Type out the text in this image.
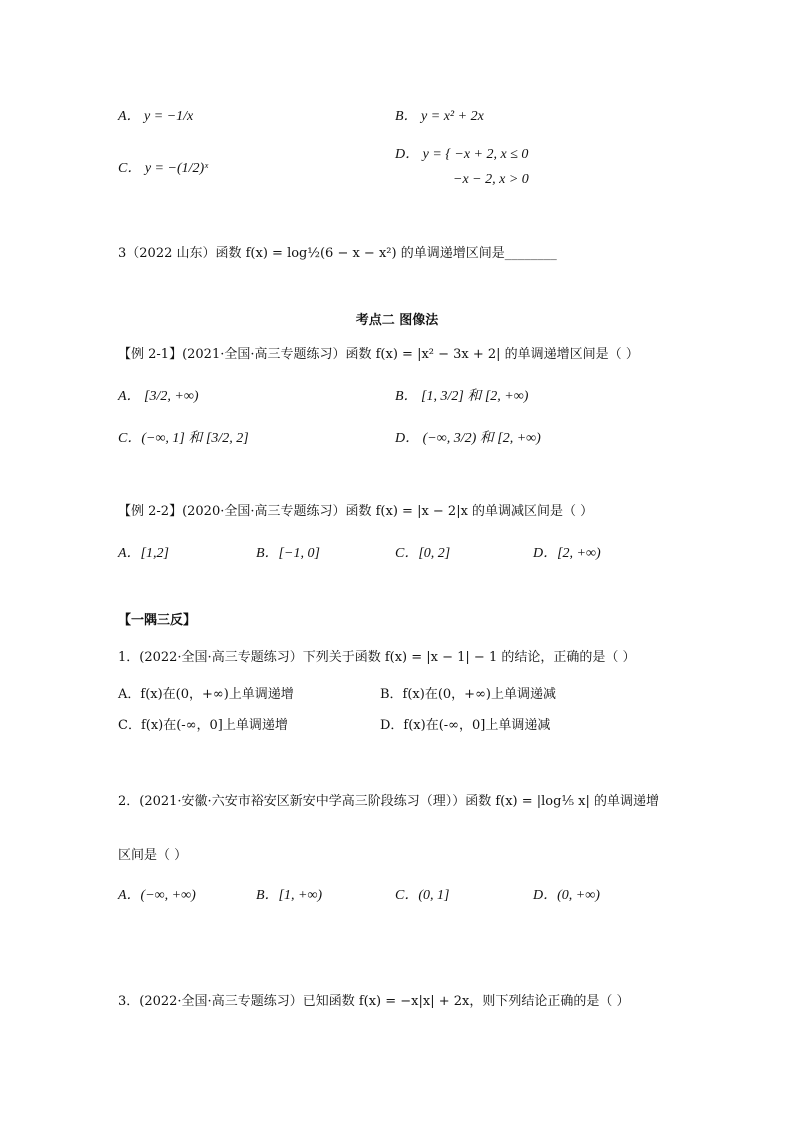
A． y = −1/x	B． y = x² + 2x
C． y = −(1/2)ˣ
D． y = { −x + 2, x ≤ 0
−x − 2, x > 0
3（2022 山东）函数 f(x) = log½(6 − x − x²) 的单调递增区间是________
考点二 图像法
【例 2-1】(2021·全国·高三专题练习）函数 f(x) = |x² − 3x + 2| 的单调递增区间是（ ）
A． [3/2, +∞)	B． [1, 3/2] 和 [2, +∞)
C．(−∞, 1] 和 [3/2, 2]	D． (−∞, 3/2) 和 [2, +∞)
【例 2-2】(2020·全国·高三专题练习）函数 f(x) = |x − 2|x 的单调减区间是（ ）
A．[1,2]	B．[−1, 0]	C．[0, 2]	D．[2, +∞)
【一隅三反】
1．(2022·全国·高三专题练习）下列关于函数 f(x) = |x − 1| − 1 的结论，正确的是（ ）
A．f(x)在(0，+∞)上单调递增	B．f(x)在(0，+∞)上单调递减
C．f(x)在(-∞，0]上单调递增	D．f(x)在(-∞，0]上单调递减
2．(2021·安徽·六安市裕安区新安中学高三阶段练习（理））函数 f(x) = |log⅕ x| 的单调递增
区间是（ ）
A．(−∞, +∞)	B．[1, +∞)	C．(0, 1]	D．(0, +∞)
3．(2022·全国·高三专题练习）已知函数 f(x) = −x|x| + 2x，则下列结论正确的是（ ）
